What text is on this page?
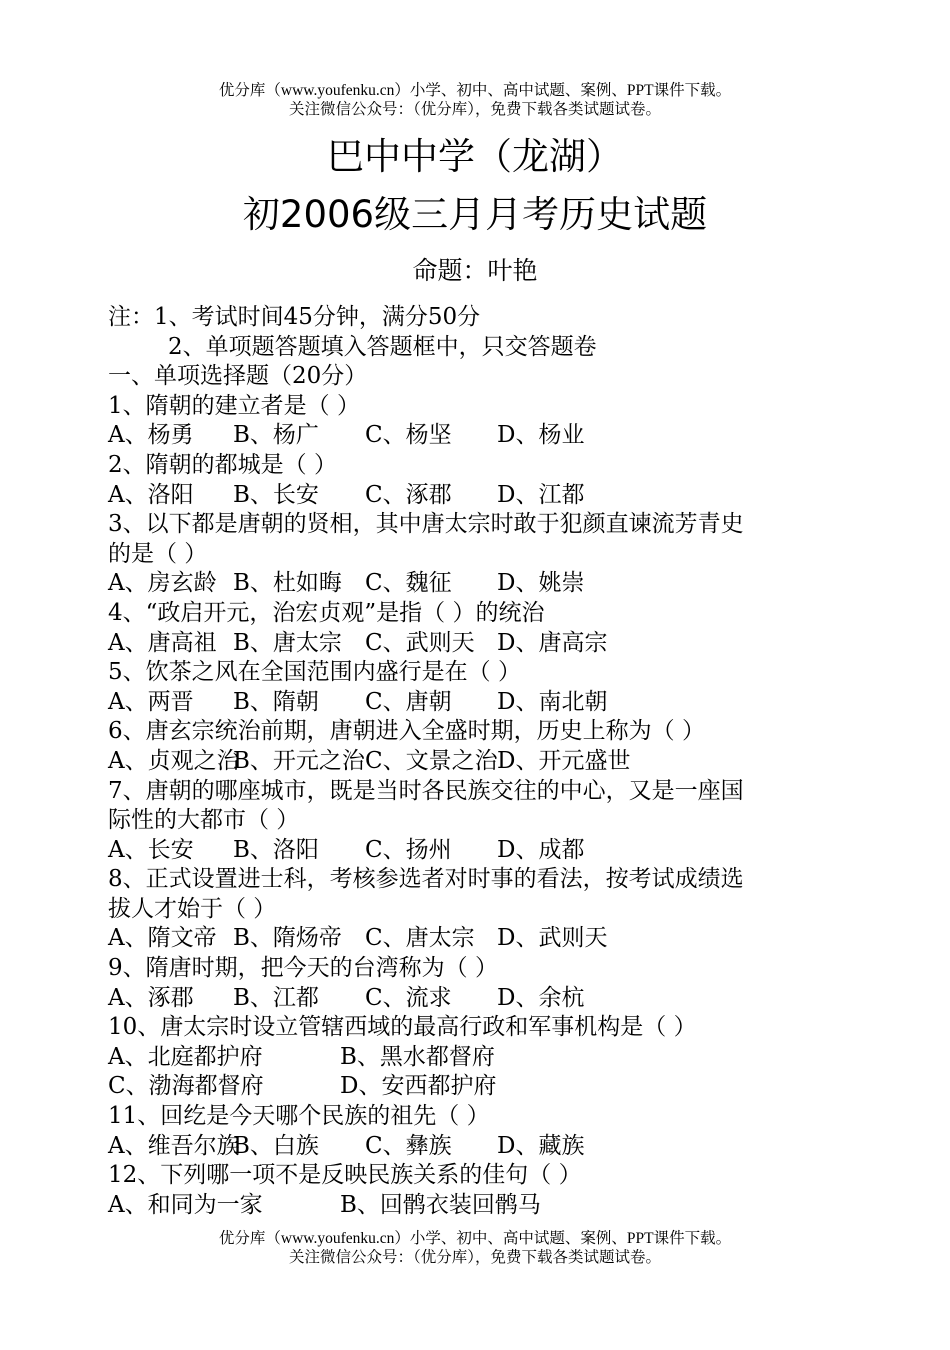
优分库（www.youfenku.cn）小学、初中、高中试题、案例、PPT课件下载。
关注微信公众号：（优分库），免费下载各类试题试卷。
巴中中学（龙湖）
初2006级三月月考历史试题
命题：叶艳
注：1、考试时间45分钟，满分50分
2、单项题答题填入答题框中，只交答题卷
一、单项选择题（20分）
1、隋朝的建立者是（ ）
A、杨勇 B、杨广 C、杨坚 D、杨业
2、隋朝的都城是（ ）
A、洛阳 B、长安 C、涿郡 D、江都
3、以下都是唐朝的贤相，其中唐太宗时敢于犯颜直谏流芳青史
的是（ ）
A、房玄龄 B、杜如晦 C、魏征 D、姚崇
4、“政启开元，治宏贞观”是指（ ）的统治
A、唐高祖 B、唐太宗 C、武则天 D、唐高宗
5、饮茶之风在全国范围内盛行是在（ ）
A、两晋 B、隋朝 C、唐朝 D、南北朝
6、唐玄宗统治前期，唐朝进入全盛时期，历史上称为（ ）
A、贞观之治B、开元之治C、文景之治D、开元盛世
7、唐朝的哪座城市，既是当时各民族交往的中心，又是一座国
际性的大都市（ ）
A、长安 B、洛阳 C、扬州 D、成都
8、正式设置进士科，考核参选者对时事的看法，按考试成绩选
拔人才始于（ ）
A、隋文帝 B、隋炀帝 C、唐太宗 D、武则天
9、隋唐时期，把今天的台湾称为（ ）
A、涿郡 B、江都 C、流求 D、余杭
10、唐太宗时设立管辖西域的最高行政和军事机构是（ ）
A、北庭都护府	B、黑水都督府
C、渤海都督府	D、安西都护府
11、回纥是今天哪个民族的祖先（ ）
A、维吾尔族B、白族 C、彝族 D、藏族
12、下列哪一项不是反映民族关系的佳句（ ）
A、和同为一家	B、回鹘衣装回鹘马
优分库（www.youfenku.cn）小学、初中、高中试题、案例、PPT课件下载。
关注微信公众号：（优分库），免费下载各类试题试卷。
